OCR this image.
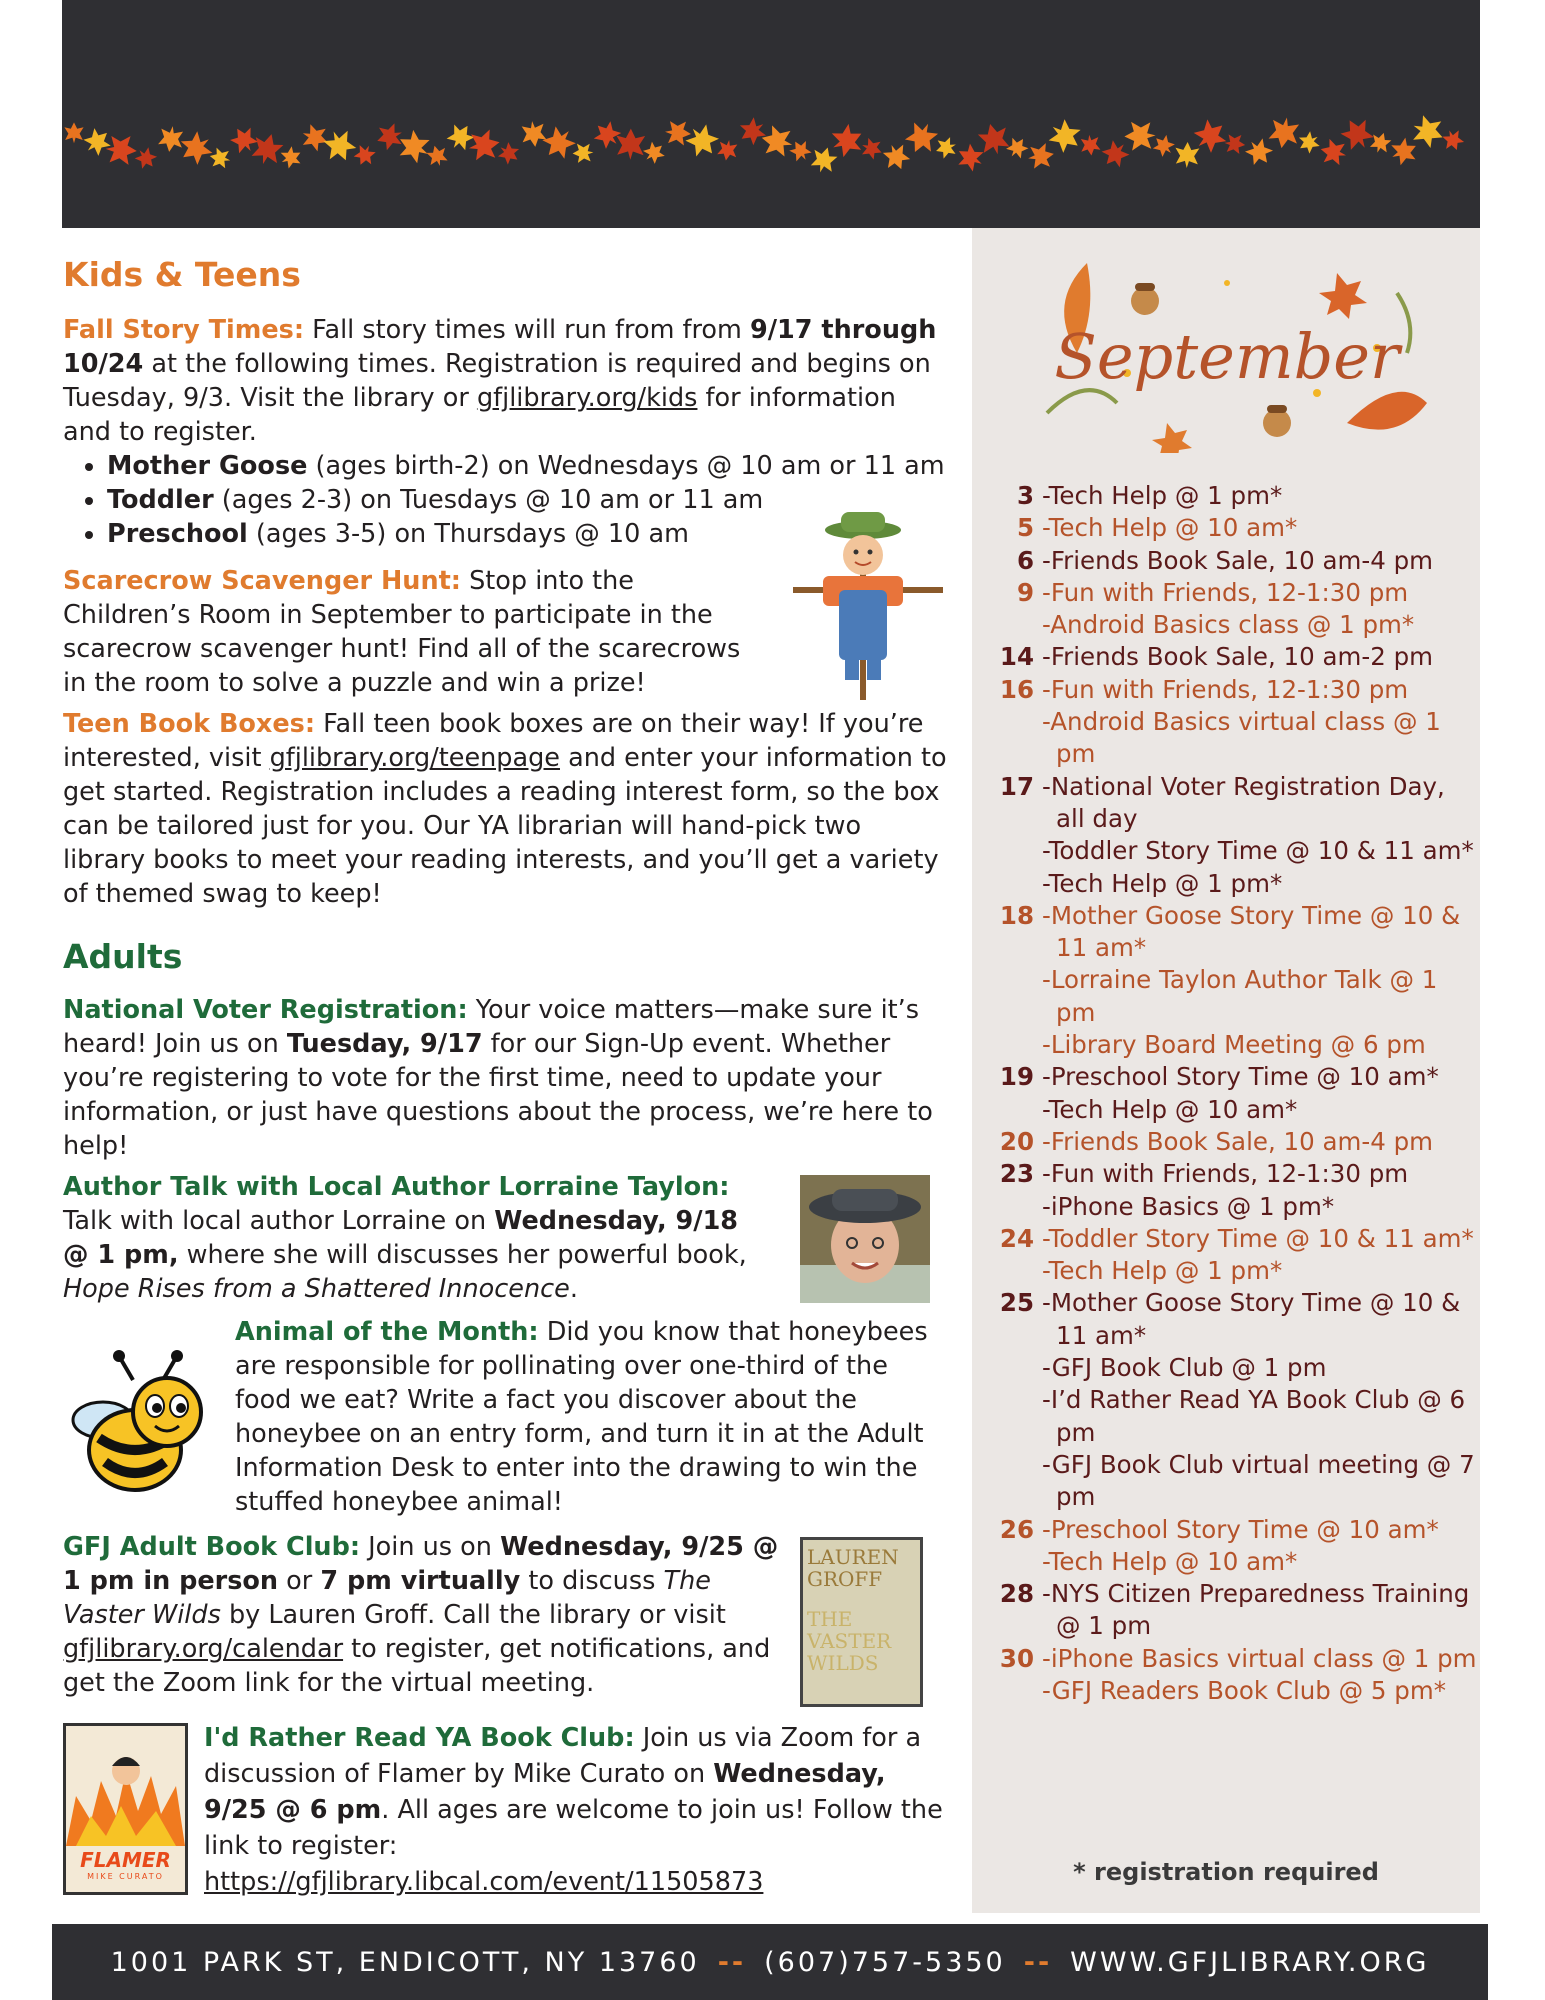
Kids & Teens

Fall Story Times: Fall story times will run from from 9/17 through 10/24 at the following times. Registration is required and begins on Tuesday, 9/3. Visit the library or gfjlibrary.org/kids for information and to register.

• Mother Goose (ages birth-2) on Wednesdays @ 10 am or 11 am
• Toddler (ages 2-3) on Tuesdays @ 10 am or 11 am
• Preschool (ages 3-5) on Thursdays @ 10 am

Scarecrow Scavenger Hunt: Stop into the Children’s Room in September to participate in the scarecrow scavenger hunt! Find all of the scarecrows in the room to solve a puzzle and win a prize!

Teen Book Boxes: Fall teen book boxes are on their way! If you’re interested, visit gfjlibrary.org/teenpage and enter your information to get started. Registration includes a reading interest form, so the box can be tailored just for you. Our YA librarian will hand-pick two library books to meet your reading interests, and you’ll get a variety of themed swag to keep!

Adults

National Voter Registration: Your voice matters—make sure it’s heard! Join us on Tuesday, 9/17 for our Sign-Up event. Whether you’re registering to vote for the first time, need to update your information, or just have questions about the process, we’re here to help!

Author Talk with Local Author Lorraine Taylon: Talk with local author Lorraine on Wednesday, 9/18 @ 1 pm, where she will discusses her powerful book, Hope Rises from a Shattered Innocence.

Animal of the Month: Did you know that honeybees are responsible for pollinating over one-third of the food we eat? Write a fact you discover about the honeybee on an entry form, and turn it in at the Adult Information Desk to enter into the drawing to win the stuffed honeybee animal!

GFJ Adult Book Club: Join us on Wednesday, 9/25 @ 1 pm in person or 7 pm virtually to discuss The Vaster Wilds by Lauren Groff. Call the library or visit gfjlibrary.org/calendar to register, get notifications, and get the Zoom link for the virtual meeting.

LAUREN
GROFF
THE
VASTER
WILDS
FLAMER
MIKE CURATO

I'd Rather Read YA Book Club: Join us via Zoom for a discussion of Flamer by Mike Curato on Wednesday, 9/25 @ 6 pm. All ages are welcome to join us! Follow the link to register: https://gfjlibrary.libcal.com/event/11505873

September
3 -Tech Help @ 1 pm*
5 -Tech Help @ 10 am*
6 -Friends Book Sale, 10 am-4 pm
9 -Fun with Friends, 12-1:30 pm
-Android Basics class @ 1 pm*
14 -Friends Book Sale, 10 am-2 pm
16 -Fun with Friends, 12-1:30 pm
-Android Basics virtual class @ 1 pm
17 -National Voter Registration Day, all day
-Toddler Story Time @ 10 & 11 am*
-Tech Help @ 1 pm*
18 -Mother Goose Story Time @ 10 & 11 am*
-Lorraine Taylon Author Talk @ 1 pm
-Library Board Meeting @ 6 pm
19 -Preschool Story Time @ 10 am*
-Tech Help @ 10 am*
20 -Friends Book Sale, 10 am-4 pm
23 -Fun with Friends, 12-1:30 pm
-iPhone Basics @ 1 pm*
24 -Toddler Story Time @ 10 & 11 am*
-Tech Help @ 1 pm*
25 -Mother Goose Story Time @ 10 & 11 am*
-GFJ Book Club @ 1 pm
-I’d Rather Read YA Book Club @ 6 pm
-GFJ Book Club virtual meeting @ 7 pm
26 -Preschool Story Time @ 10 am*
-Tech Help @ 10 am*
28 -NYS Citizen Preparedness Training @ 1 pm
30 -iPhone Basics virtual class @ 1 pm
-GFJ Readers Book Club @ 5 pm*
* registration required
1001 PARK ST, ENDICOTT, NY 13760 -- (607)757-5350 -- WWW.GFJLIBRARY.ORG
